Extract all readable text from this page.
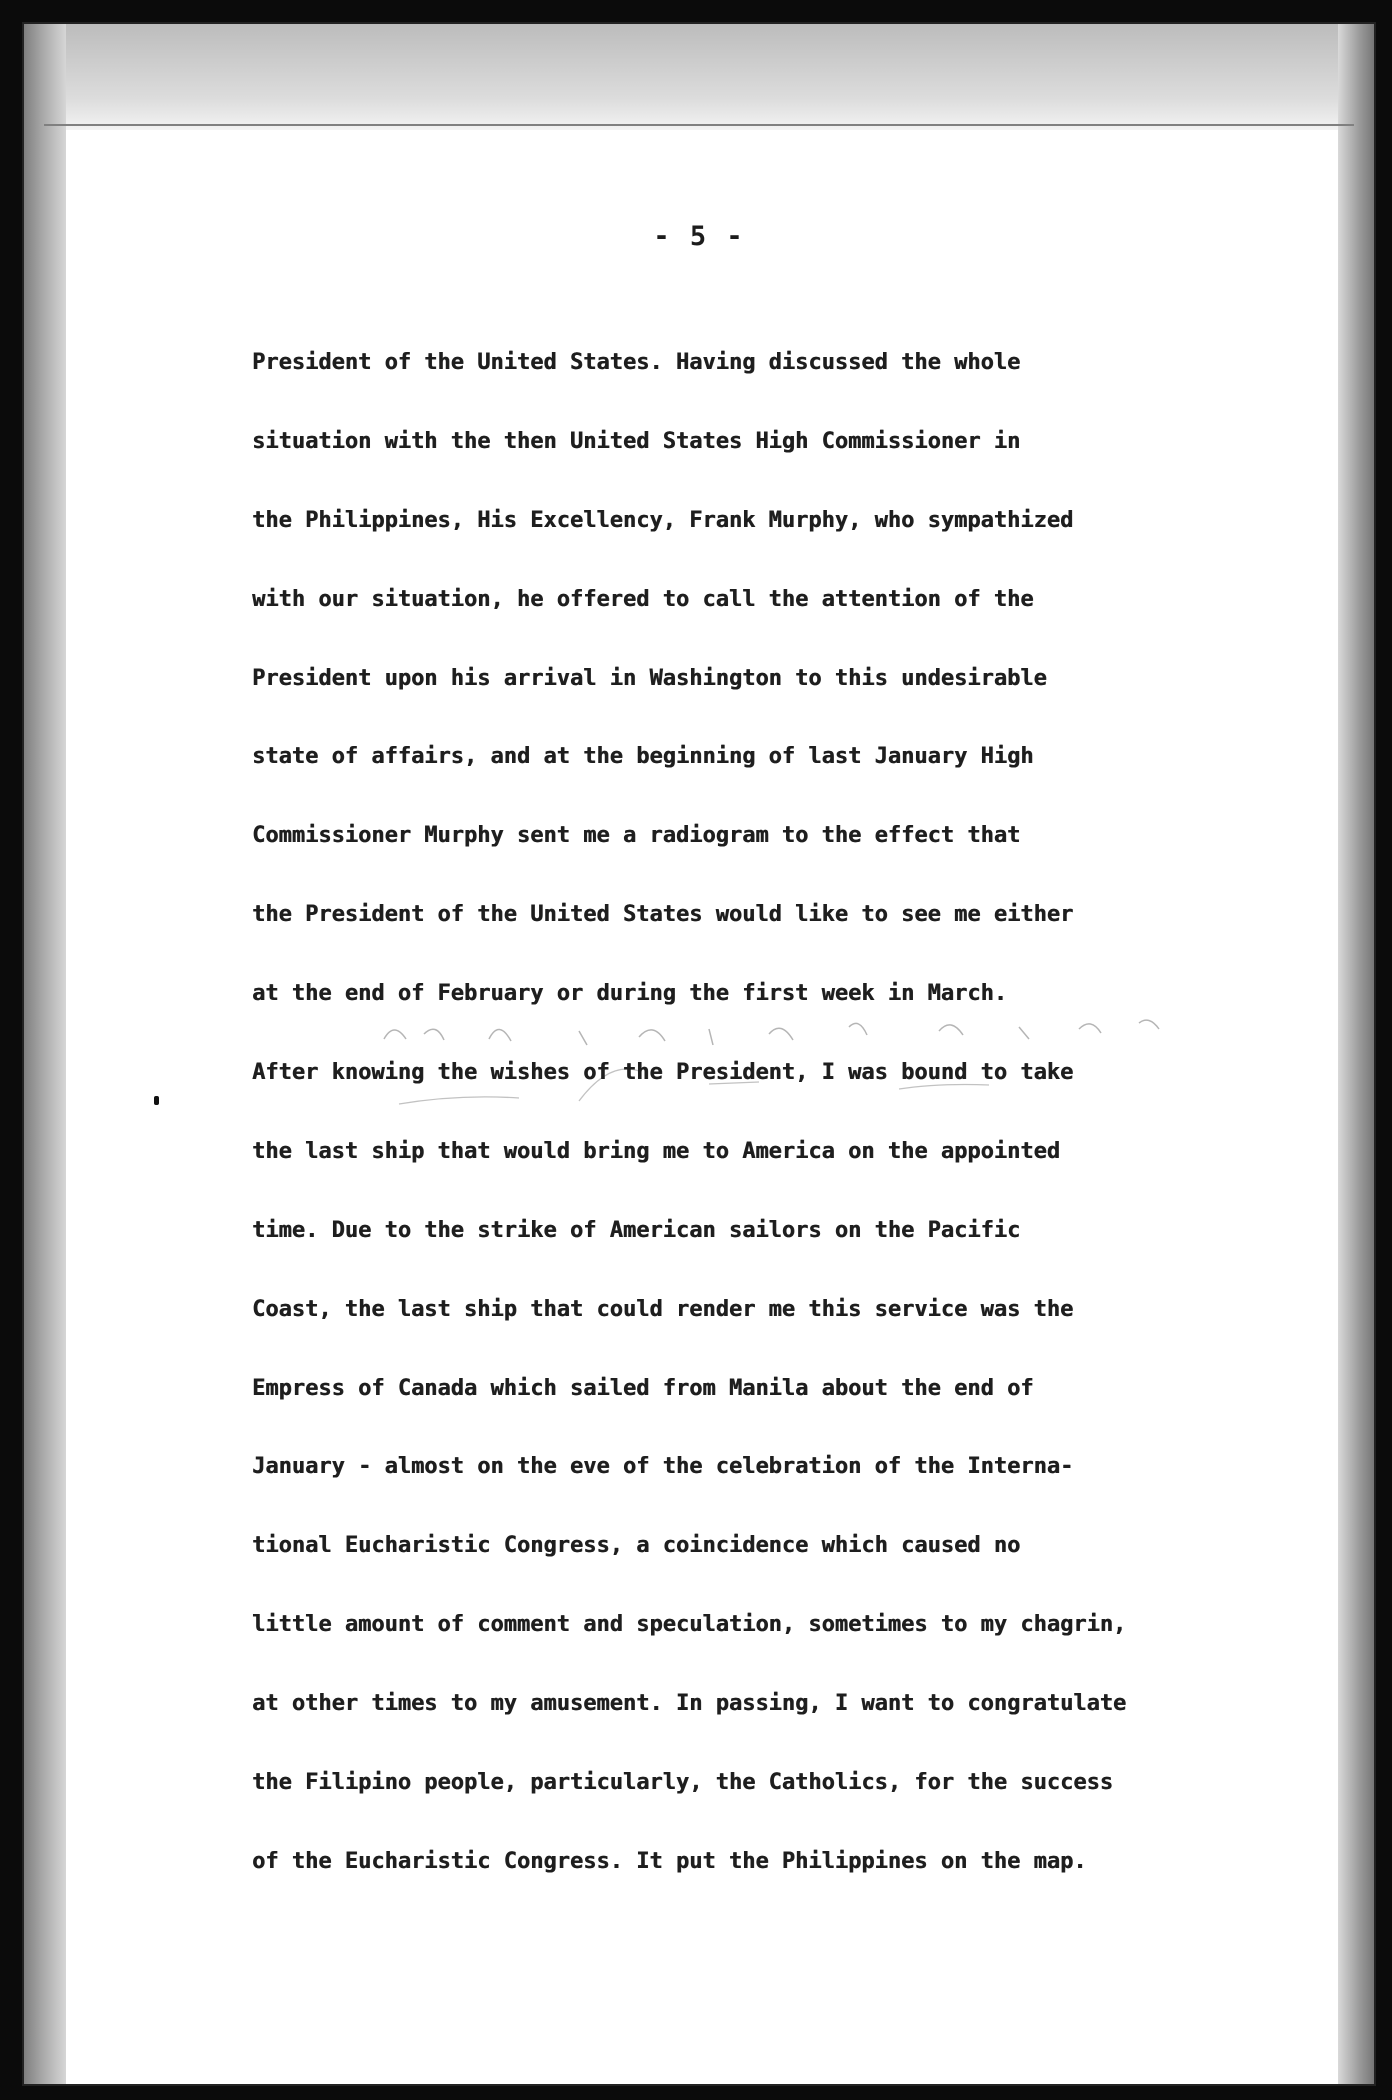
- 5 -
President of the United States. Having discussed the whole
situation with the then United States High Commissioner in
the Philippines, His Excellency, Frank Murphy, who sympathized
with our situation, he offered to call the attention of the
President upon his arrival in Washington to this undesirable
state of affairs, and at the beginning of last January High
Commissioner Murphy sent me a radiogram to the effect that
the President of the United States would like to see me either
at the end of February or during the first week in March.
After knowing the wishes of the President, I was bound to take
the last ship that would bring me to America on the appointed
time. Due to the strike of American sailors on the Pacific
Coast, the last ship that could render me this service was the
Empress of Canada which sailed from Manila about the end of
January - almost on the eve of the celebration of the Interna-
tional Eucharistic Congress, a coincidence which caused no
little amount of comment and speculation, sometimes to my chagrin,
at other times to my amusement. In passing, I want to congratulate
the Filipino people, particularly, the Catholics, for the success
of the Eucharistic Congress. It put the Philippines on the map.
